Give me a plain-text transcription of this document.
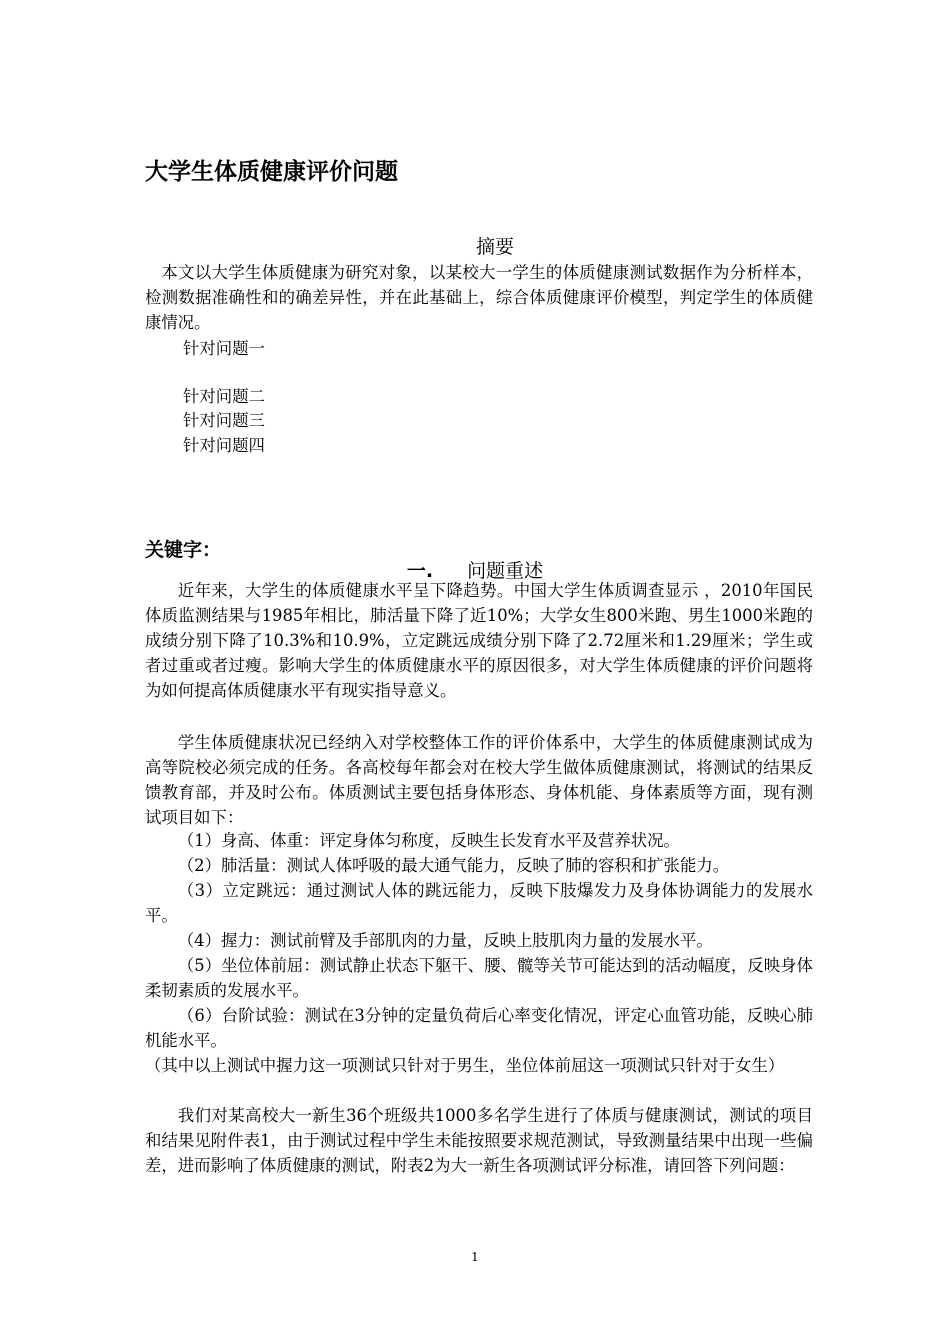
大学生体质健康评价问题
摘要

本文以大学生体质健康为研究对象，以某校大一学生的体质健康测试数据作为分析样本，检测数据准确性和的确差异性，并在此基础上，综合体质健康评价模型，判定学生的体质健康情况。

针对问题一
针对问题二
针对问题三
针对问题四
关键字：
一. 问题重述

近年来，大学生的体质健康水平呈下降趋势。中国大学生体质调查显示 ，2010年国民体质监测结果与1985年相比，肺活量下降了近10%；大学女生800米跑、男生1000米跑的成绩分别下降了10.3%和10.9%，立定跳远成绩分别下降了2.72厘米和1.29厘米；学生或者过重或者过瘦。影响大学生的体质健康水平的原因很多，对大学生体质健康的评价问题将为如何提高体质健康水平有现实指导意义。

学生体质健康状况已经纳入对学校整体工作的评价体系中，大学生的体质健康测试成为高等院校必须完成的任务。各高校每年都会对在校大学生做体质健康测试，将测试的结果反馈教育部，并及时公布。体质测试主要包括身体形态、身体机能、身体素质等方面，现有测试项目如下：

（1）身高、体重：评定身体匀称度，反映生长发育水平及营养状况。

（2）肺活量：测试人体呼吸的最大通气能力，反映了肺的容积和扩张能力。

（3）立定跳远：通过测试人体的跳远能力，反映下肢爆发力及身体协调能力的发展水平。

（4）握力：测试前臂及手部肌肉的力量，反映上肢肌肉力量的发展水平。

（5）坐位体前屈：测试静止状态下躯干、腰、髋等关节可能达到的活动幅度，反映身体柔韧素质的发展水平。

（6）台阶试验：测试在3分钟的定量负荷后心率变化情况，评定心血管功能，反映心肺机能水平。

（其中以上测试中握力这一项测试只针对于男生，坐位体前屈这一项测试只针对于女生）

我们对某高校大一新生36个班级共1000多名学生进行了体质与健康测试，测试的项目和结果见附件表1，由于测试过程中学生未能按照要求规范测试，导致测量结果中出现一些偏差，进而影响了体质健康的测试，附表2为大一新生各项测试评分标准，请回答下列问题：

1
